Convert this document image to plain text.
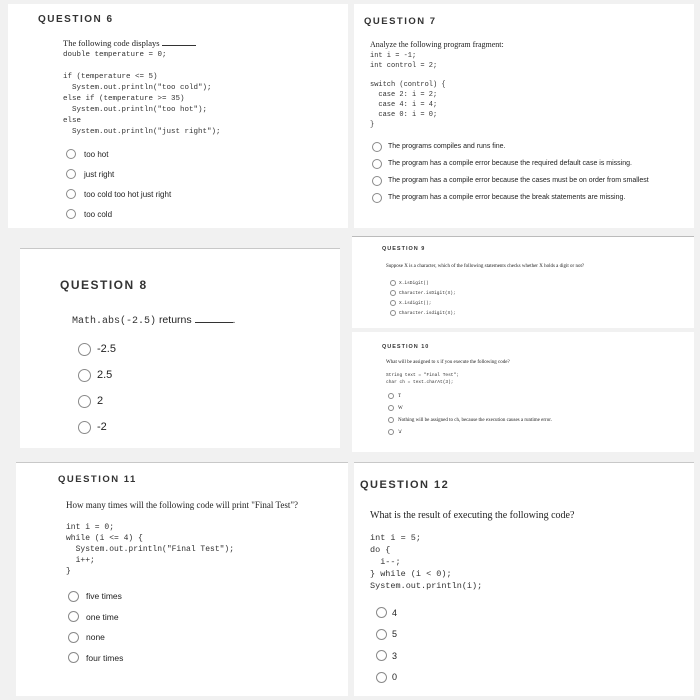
QUESTION 6
The following code displays
double temperature = 0;

if (temperature <= 5)
System.out.println("too cold");
else if (temperature >= 35)
System.out.println("too hot");
else
System.out.println("just right");
too hot
just right
too cold too hot just right
too cold
QUESTION 7
Analyze the following program fragment:
int i = -1;
int control = 2;

switch (control) {
case 2: i = 2;
case 4: i = 4;
case 0: i = 0;
}
The programs compiles and runs fine.
The program has a compile error because the required default case is missing.
The program has a compile error because the cases must be on order from smallest
The program has a compile error because the break statements are missing.
QUESTION 8
Math.abs(-2.5) returns	.
-2.5
2.5
2
-2
QUESTION 9
Suppose X is a character, which of the following statements checks whether X holds a digit or not?
X.isDigit()
Character.isDigit(X);
X.isdigit();
Character.isdigit(X);
QUESTION 10
What will be assigned to x if you execute the following code?
String text = "Final Test";
char ch = text.charAt(3);
T
W
Nothing will be assigned to ch, because the execution causes a runtime error.
'a'
QUESTION 11
How many times will the following code will print "Final Test"?
int i = 0;
while (i <= 4) {
System.out.println("Final Test");
i++;
}
five times
one time
none
four times
QUESTION 12
What is the result of executing the following code?
int i = 5;
do {
i--;
} while (i < 0);
System.out.println(i);
4
5
3
0
